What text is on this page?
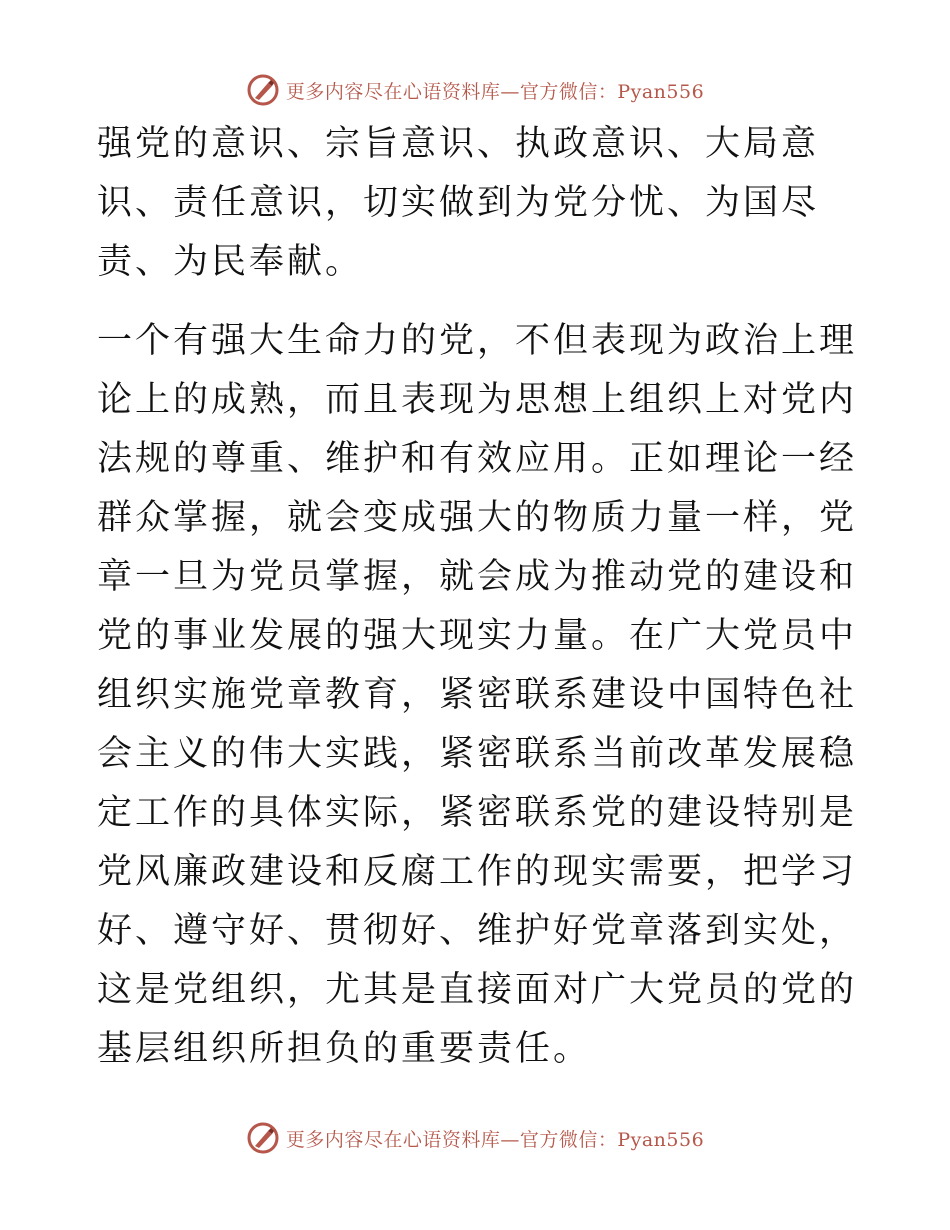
更多内容尽在心语资料库—官方微信：Pyan556

强党的意识、宗旨意识、执政意识、大局意识、责任意识，切实做到为党分忧、为国尽责、为民奉献。

一个有强大生命力的党，不但表现为政治上理论上的成熟，而且表现为思想上组织上对党内法规的尊重、维护和有效应用。正如理论一经群众掌握，就会变成强大的物质力量一样，党章一旦为党员掌握，就会成为推动党的建设和党的事业发展的强大现实力量。在广大党员中组织实施党章教育，紧密联系建设中国特色社会主义的伟大实践，紧密联系当前改革发展稳定工作的具体实际，紧密联系党的建设特别是党风廉政建设和反腐工作的现实需要，把学习好、遵守好、贯彻好、维护好党章落到实处，这是党组织，尤其是直接面对广大党员的党的基层组织所担负的重要责任。

更多内容尽在心语资料库—官方微信：Pyan556
